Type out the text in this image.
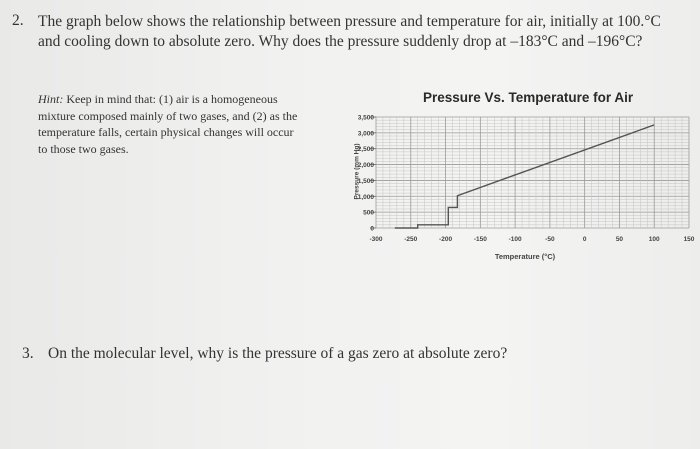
2. The graph below shows the relationship between pressure and temperature for air, initially at 100.°C and cooling down to absolute zero. Why does the pressure suddenly drop at –183°C and –196°C?
Hint: Keep in mind that: (1) air is a homogeneous mixture composed mainly of two gases, and (2) as the temperature falls, certain physical changes will occur to those two gases.
Pressure Vs. Temperature for Air
Pressure (mm Hg)
Temperature (°C)
0
500
1,000
1,500
2,000
2,500
3,000
3,500
-300	-250	-200	-150	-100	-50	0	50	100	150
3. On the molecular level, why is the pressure of a gas zero at absolute zero?
